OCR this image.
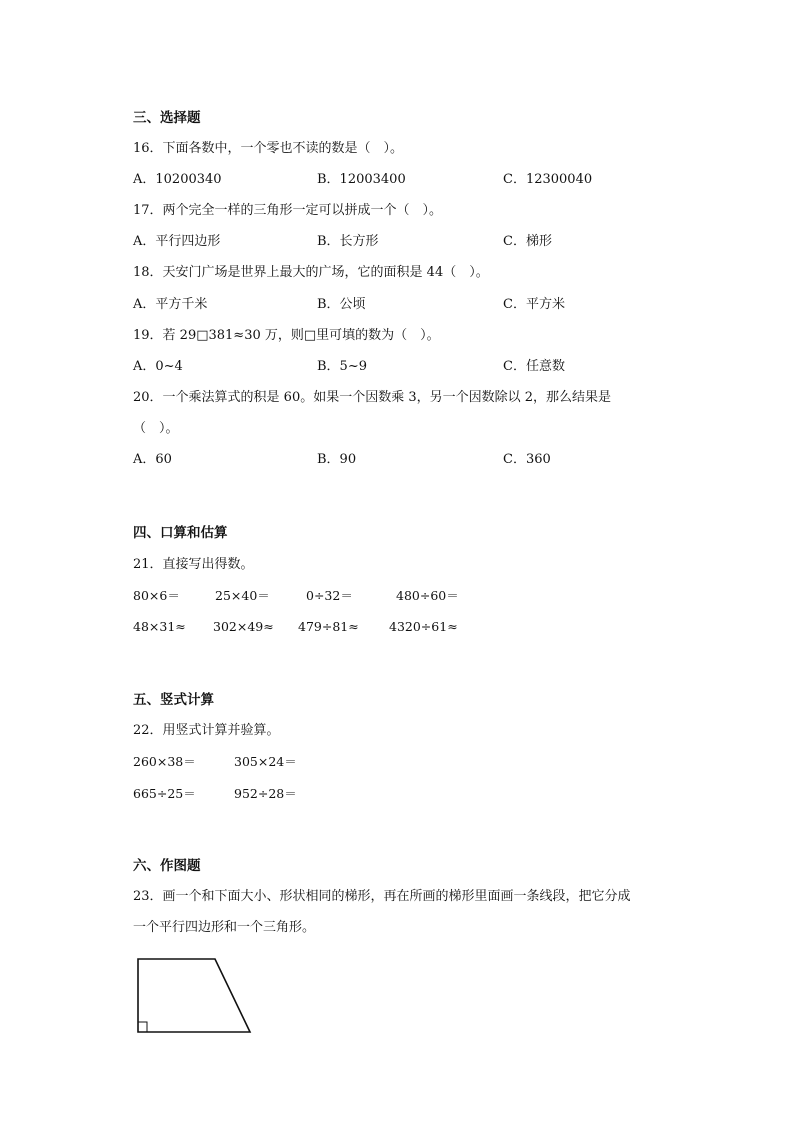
三、选择题
16．下面各数中，一个零也不读的数是（　）。
A．10200340	B．12003400	C．12300040
17．两个完全一样的三角形一定可以拼成一个（　）。
A．平行四边形	B．长方形	C．梯形
18．天安门广场是世界上最大的广场，它的面积是 44（　）。
A．平方千米	B．公顷	C．平方米
19．若 29□381≈30 万，则□里可填的数为（　）。
A．0~4	B．5~9	C．任意数
20．一个乘法算式的积是 60。如果一个因数乘 3，另一个因数除以 2，那么结果是
（　）。
A．60	B．90	C．360
四、口算和估算
21．直接写出得数。
80×6＝	25×40＝	0÷32＝	480÷60＝
48×31≈ 302×49≈ 479÷81≈ 4320÷61≈
五、竖式计算
22．用竖式计算并验算。
260×38＝	305×24＝
665÷25＝	952÷28＝
六、作图题
23．画一个和下面大小、形状相同的梯形，再在所画的梯形里面画一条线段，把它分成
一个平行四边形和一个三角形。
